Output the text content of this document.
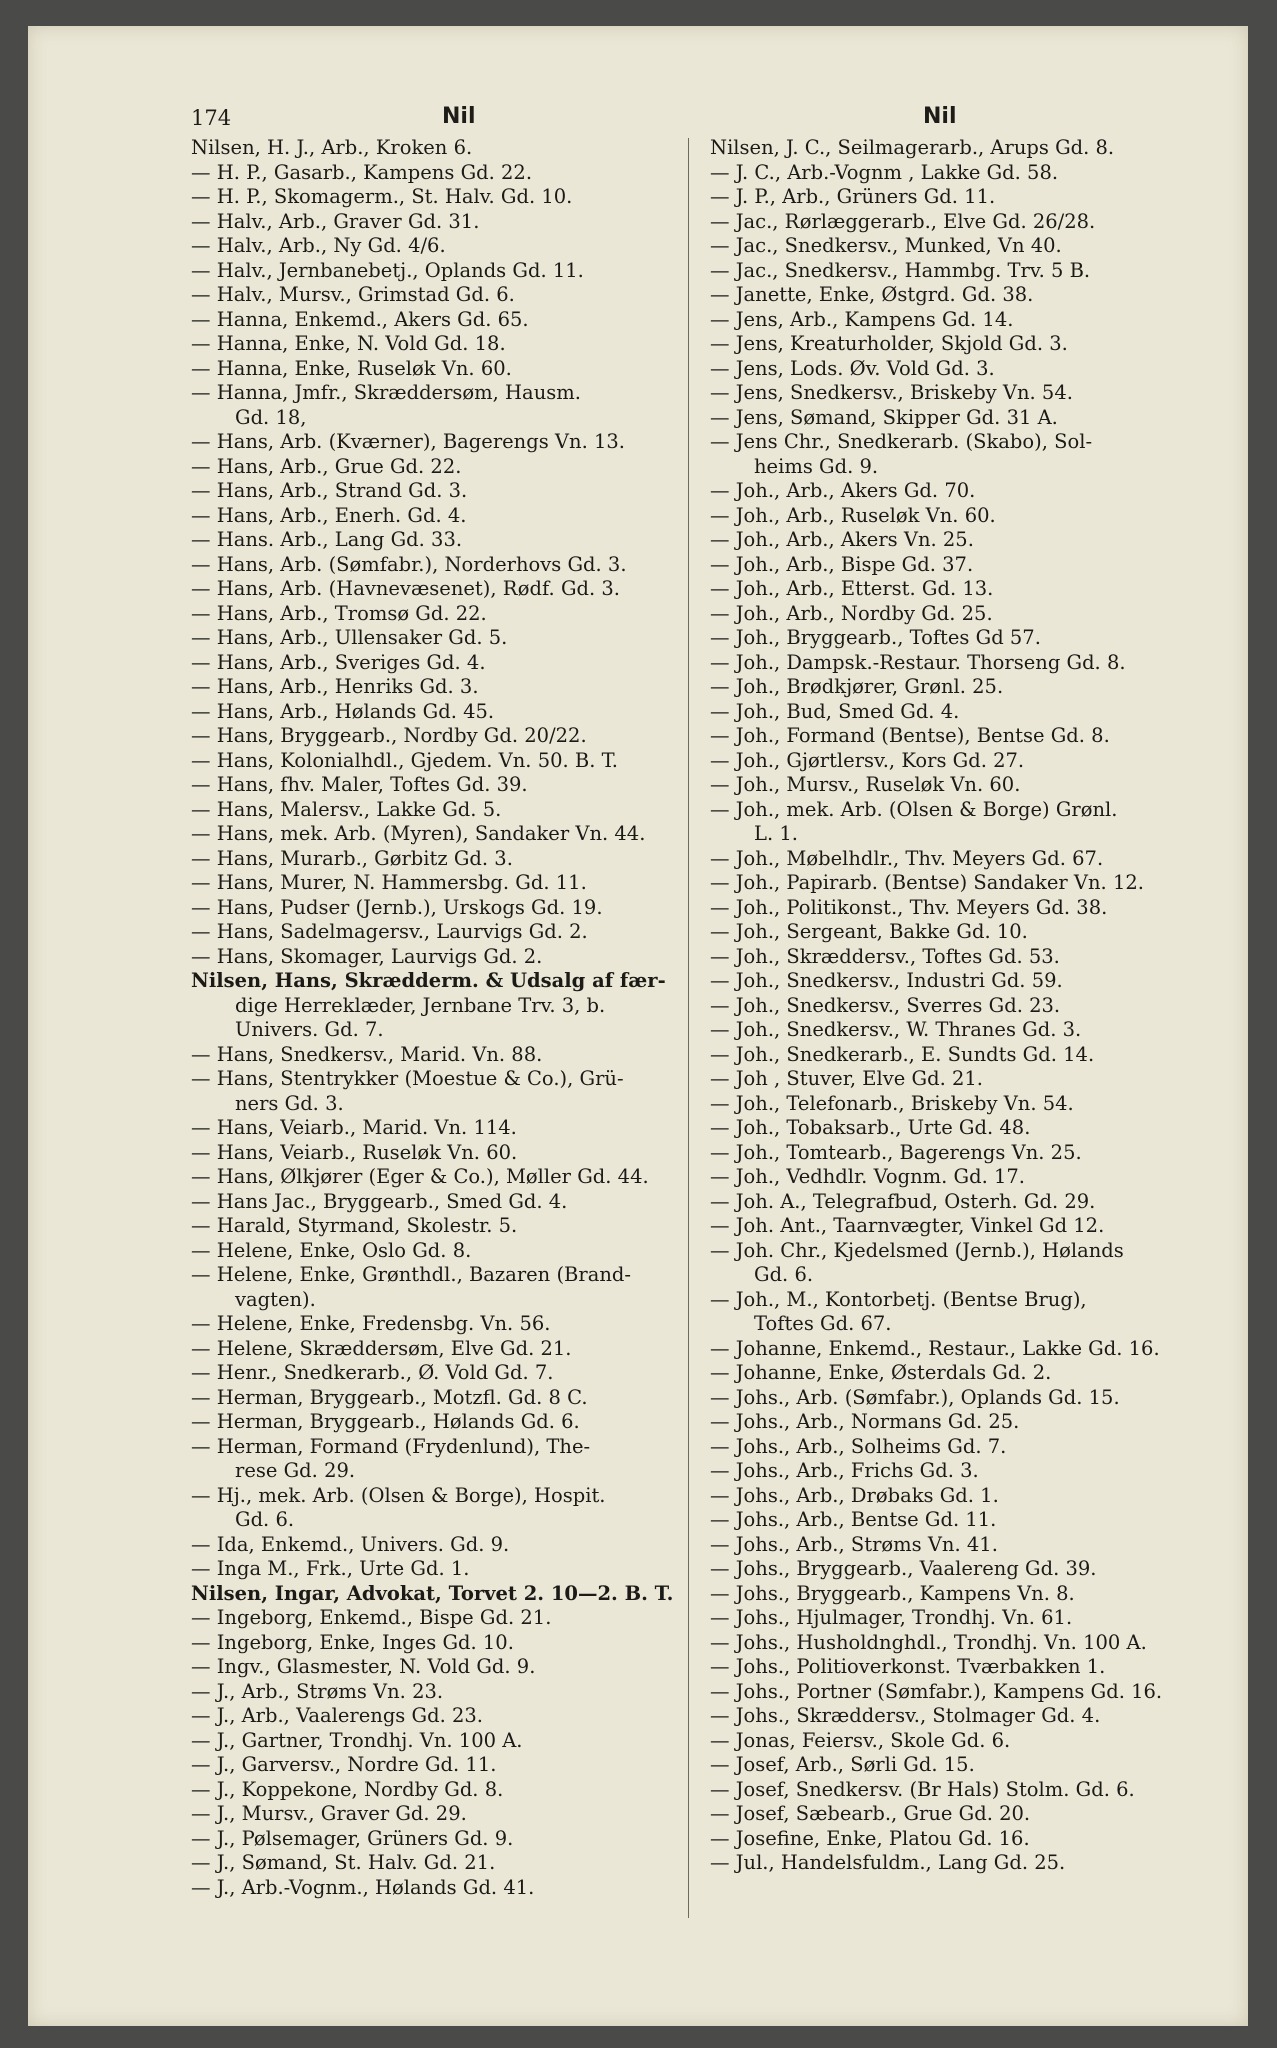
174	Nil	Nil
Nilsen, H. J., Arb., Kroken 6.
— H. P., Gasarb., Kampens Gd. 22.
— H. P., Skomagerm., St. Halv. Gd. 10.
— Halv., Arb., Graver Gd. 31.
— Halv., Arb., Ny Gd. 4/6.
— Halv., Jernbanebetj., Oplands Gd. 11.
— Halv., Mursv., Grimstad Gd. 6.
— Hanna, Enkemd., Akers Gd. 65.
— Hanna, Enke, N. Vold Gd. 18.
— Hanna, Enke, Ruseløk Vn. 60.
— Hanna, Jmfr., Skræddersøm, Hausm.
Gd. 18,
— Hans, Arb. (Kværner), Bagerengs Vn. 13.
— Hans, Arb., Grue Gd. 22.
— Hans, Arb., Strand Gd. 3.
— Hans, Arb., Enerh. Gd. 4.
— Hans. Arb., Lang Gd. 33.
— Hans, Arb. (Sømfabr.), Norderhovs Gd. 3.
— Hans, Arb. (Havnevæsenet), Rødf. Gd. 3.
— Hans, Arb., Tromsø Gd. 22.
— Hans, Arb., Ullensaker Gd. 5.
— Hans, Arb., Sveriges Gd. 4.
— Hans, Arb., Henriks Gd. 3.
— Hans, Arb., Hølands Gd. 45.
— Hans, Bryggearb., Nordby Gd. 20/22.
— Hans, Kolonialhdl., Gjedem. Vn. 50. B. T.
— Hans, fhv. Maler, Toftes Gd. 39.
— Hans, Malersv., Lakke Gd. 5.
— Hans, mek. Arb. (Myren), Sandaker Vn. 44.
— Hans, Murarb., Gørbitz Gd. 3.
— Hans, Murer, N. Hammersbg. Gd. 11.
— Hans, Pudser (Jernb.), Urskogs Gd. 19.
— Hans, Sadelmagersv., Laurvigs Gd. 2.
— Hans, Skomager, Laurvigs Gd. 2.
Nilsen, Hans, Skrædderm. & Udsalg af fær-
dige Herreklæder, Jernbane Trv. 3, b.
Univers. Gd. 7.
— Hans, Snedkersv., Marid. Vn. 88.
— Hans, Stentrykker (Moestue & Co.), Grü-
ners Gd. 3.
— Hans, Veiarb., Marid. Vn. 114.
— Hans, Veiarb., Ruseløk Vn. 60.
— Hans, Ølkjører (Eger & Co.), Møller Gd. 44.
— Hans Jac., Bryggearb., Smed Gd. 4.
— Harald, Styrmand, Skolestr. 5.
— Helene, Enke, Oslo Gd. 8.
— Helene, Enke, Grønthdl., Bazaren (Brand-
vagten).
— Helene, Enke, Fredensbg. Vn. 56.
— Helene, Skræddersøm, Elve Gd. 21.
— Henr., Snedkerarb., Ø. Vold Gd. 7.
— Herman, Bryggearb., Motzfl. Gd. 8 C.
— Herman, Bryggearb., Hølands Gd. 6.
— Herman, Formand (Frydenlund), The-
rese Gd. 29.
— Hj., mek. Arb. (Olsen & Borge), Hospit.
Gd. 6.
— Ida, Enkemd., Univers. Gd. 9.
— Inga M., Frk., Urte Gd. 1.
Nilsen, Ingar, Advokat, Torvet 2. 10—2. B. T.
— Ingeborg, Enkemd., Bispe Gd. 21.
— Ingeborg, Enke, Inges Gd. 10.
— Ingv., Glasmester, N. Vold Gd. 9.
— J., Arb., Strøms Vn. 23.
— J., Arb., Vaalerengs Gd. 23.
— J., Gartner, Trondhj. Vn. 100 A.
— J., Garversv., Nordre Gd. 11.
— J., Koppekone, Nordby Gd. 8.
— J., Mursv., Graver Gd. 29.
— J., Pølsemager, Grüners Gd. 9.
— J., Sømand, St. Halv. Gd. 21.
— J., Arb.-Vognm., Hølands Gd. 41.
Nilsen, J. C., Seilmagerarb., Arups Gd. 8.
— J. C., Arb.-Vognm , Lakke Gd. 58.
— J. P., Arb., Grüners Gd. 11.
— Jac., Rørlæggerarb., Elve Gd. 26/28.
— Jac., Snedkersv., Munked, Vn 40.
— Jac., Snedkersv., Hammbg. Trv. 5 B.
— Janette, Enke, Østgrd. Gd. 38.
— Jens, Arb., Kampens Gd. 14.
— Jens, Kreaturholder, Skjold Gd. 3.
— Jens, Lods. Øv. Vold Gd. 3.
— Jens, Snedkersv., Briskeby Vn. 54.
— Jens, Sømand, Skipper Gd. 31 A.
— Jens Chr., Snedkerarb. (Skabo), Sol-
heims Gd. 9.
— Joh., Arb., Akers Gd. 70.
— Joh., Arb., Ruseløk Vn. 60.
— Joh., Arb., Akers Vn. 25.
— Joh., Arb., Bispe Gd. 37.
— Joh., Arb., Etterst. Gd. 13.
— Joh., Arb., Nordby Gd. 25.
— Joh., Bryggearb., Toftes Gd 57.
— Joh., Dampsk.-Restaur. Thorseng Gd. 8.
— Joh., Brødkjører, Grønl. 25.
— Joh., Bud, Smed Gd. 4.
— Joh., Formand (Bentse), Bentse Gd. 8.
— Joh., Gjørtlersv., Kors Gd. 27.
— Joh., Mursv., Ruseløk Vn. 60.
— Joh., mek. Arb. (Olsen & Borge) Grønl.
L. 1.
— Joh., Møbelhdlr., Thv. Meyers Gd. 67.
— Joh., Papirarb. (Bentse) Sandaker Vn. 12.
— Joh., Politikonst., Thv. Meyers Gd. 38.
— Joh., Sergeant, Bakke Gd. 10.
— Joh., Skræddersv., Toftes Gd. 53.
— Joh., Snedkersv., Industri Gd. 59.
— Joh., Snedkersv., Sverres Gd. 23.
— Joh., Snedkersv., W. Thranes Gd. 3.
— Joh., Snedkerarb., E. Sundts Gd. 14.
— Joh , Stuver, Elve Gd. 21.
— Joh., Telefonarb., Briskeby Vn. 54.
— Joh., Tobaksarb., Urte Gd. 48.
— Joh., Tomtearb., Bagerengs Vn. 25.
— Joh., Vedhdlr. Vognm. Gd. 17.
— Joh. A., Telegrafbud, Osterh. Gd. 29.
— Joh. Ant., Taarnvægter, Vinkel Gd 12.
— Joh. Chr., Kjedelsmed (Jernb.), Hølands
Gd. 6.
— Joh., M., Kontorbetj. (Bentse Brug),
Toftes Gd. 67.
— Johanne, Enkemd., Restaur., Lakke Gd. 16.
— Johanne, Enke, Østerdals Gd. 2.
— Johs., Arb. (Sømfabr.), Oplands Gd. 15.
— Johs., Arb., Normans Gd. 25.
— Johs., Arb., Solheims Gd. 7.
— Johs., Arb., Frichs Gd. 3.
— Johs., Arb., Drøbaks Gd. 1.
— Johs., Arb., Bentse Gd. 11.
— Johs., Arb., Strøms Vn. 41.
— Johs., Bryggearb., Vaalereng Gd. 39.
— Johs., Bryggearb., Kampens Vn. 8.
— Johs., Hjulmager, Trondhj. Vn. 61.
— Johs., Husholdnghdl., Trondhj. Vn. 100 A.
— Johs., Politioverkonst. Tværbakken 1.
— Johs., Portner (Sømfabr.), Kampens Gd. 16.
— Johs., Skræddersv., Stolmager Gd. 4.
— Jonas, Feiersv., Skole Gd. 6.
— Josef, Arb., Sørli Gd. 15.
— Josef, Snedkersv. (Br Hals) Stolm. Gd. 6.
— Josef, Sæbearb., Grue Gd. 20.
— Josefine, Enke, Platou Gd. 16.
— Jul., Handelsfuldm., Lang Gd. 25.
